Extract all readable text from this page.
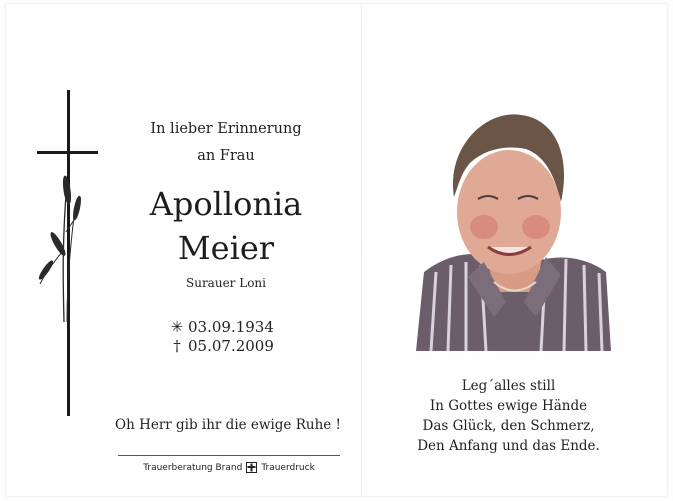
In lieber Erinnerung
an Frau
Apollonia
Meier
Surauer Loni
✳ 03.09.1934
† 05.07.2009
Oh Herr gib ihr die ewige Ruhe !
Trauerberatung Brand Trauerdruck
Leg´alles still
In Gottes ewige Hände
Das Glück, den Schmerz,
Den Anfang und das Ende.
